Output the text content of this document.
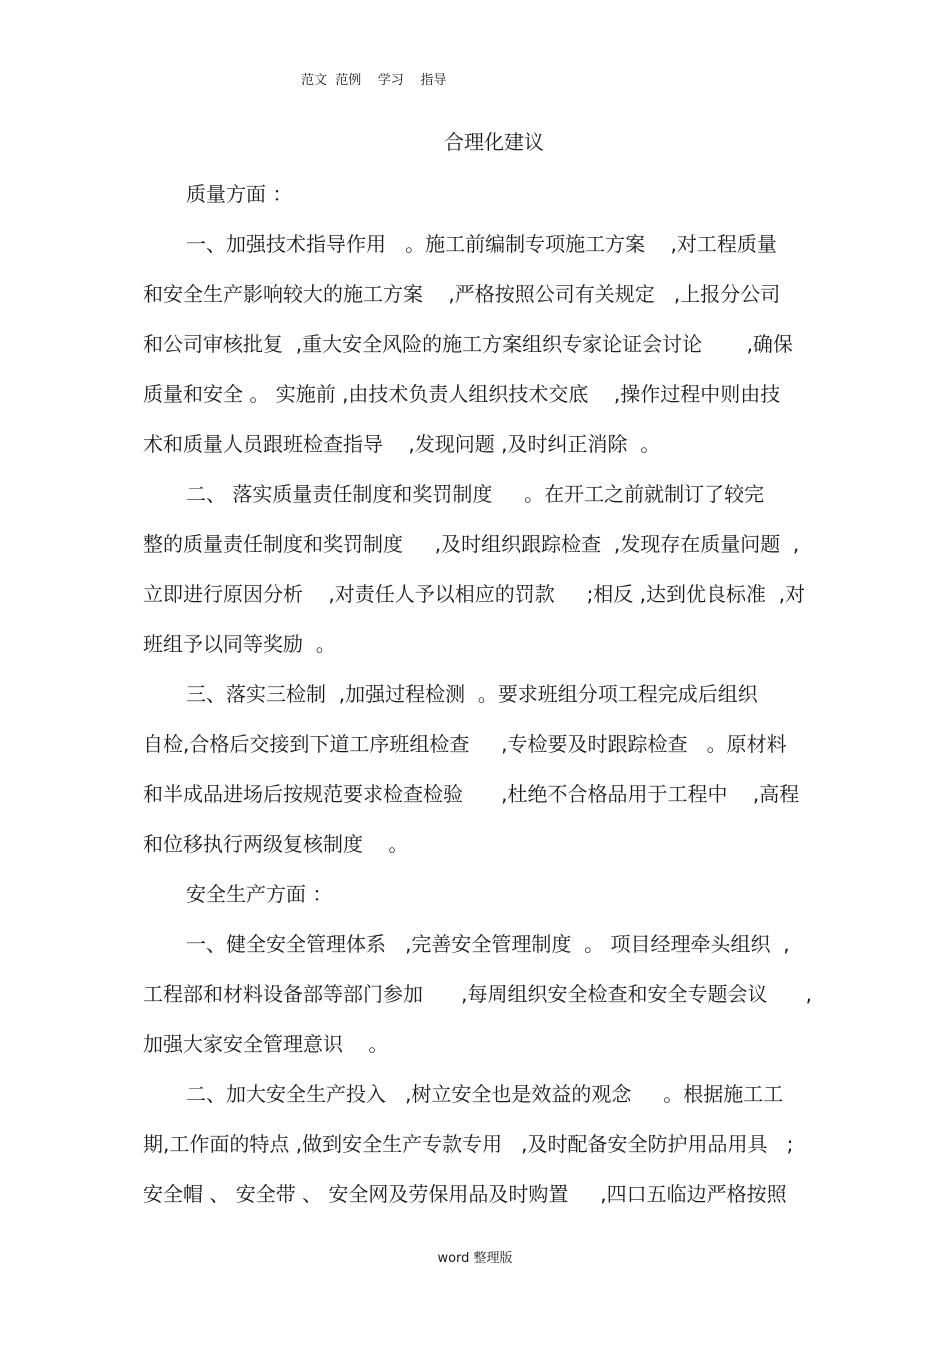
范文  范例    学习    指导
合理化建议
质量方面 ：
一、加强技术指导作用   。施工前编制专项施工方案    ,对工程质量
和安全生产影响较大的施工方案    ,严格按照公司有关规定   ,上报分公司
和公司审核批复  ,重大安全风险的施工方案组织专家论证会讨论       ,确保
质量和安全 。 实施前 ,由技术负责人组织技术交底    ,操作过程中则由技
术和质量人员跟班检查指导    ,发现问题 ,及时纠正消除  。
二、 落实质量责任制度和奖罚制度     。在开工之前就制订了较完
整的质量责任制度和奖罚制度     ,及时组织跟踪检查  ,发现存在质量问题  ,
立即进行原因分析    ,对责任人予以相应的罚款     ;相反 ,达到优良标准  ,对
班组予以同等奖励  。
三、落实三检制  ,加强过程检测  。要求班组分项工程完成后组织
自检,合格后交接到下道工序班组检查     ,专检要及时跟踪检查   。原材料
和半成品进场后按规范要求检查检验      ,杜绝不合格品用于工程中    ,高程
和位移执行两级复核制度    。
安全生产方面 ：
一、健全安全管理体系   ,完善安全管理制度  。 项目经理牵头组织  ,
工程部和材料设备部等部门参加      ,每周组织安全检查和安全专题会议      ,
加强大家安全管理意识    。
二、加大安全生产投入   ,树立安全也是效益的观念     。根据施工工
期,工作面的特点 ,做到安全生产专款专用   ,及时配备安全防护用品用具   ;
安全帽 、 安全带 、 安全网及劳保用品及时购置     ,四口五临边严格按照
word 整理版
